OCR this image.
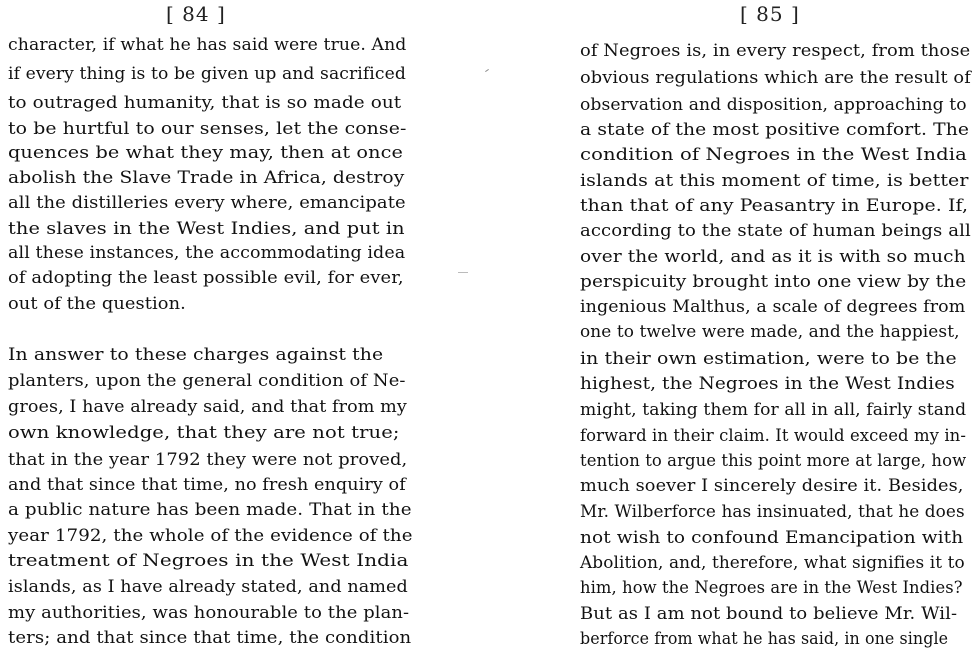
[ 84 ]
character, if what he has said were true. And
if every thing is to be given up and sacrificed
to outraged humanity, that is so made out
to be hurtful to our senses, let the conse-
quences be what they may, then at once
abolish the Slave Trade in Africa, destroy
all the distilleries every where, emancipate
the slaves in the West Indies, and put in
all these instances, the accommodating idea
of adopting the least possible evil, for ever,
out of the question.
In answer to these charges against the
planters, upon the general condition of Ne-
groes, I have already said, and that from my
own knowledge, that they are not true;
that in the year 1792 they were not proved,
and that since that time, no fresh enquiry of
a public nature has been made. That in the
year 1792, the whole of the evidence of the
treatment of Negroes in the West India
islands, as I have already stated, and named
my authorities, was honourable to the plan-
ters; and that since that time, the condition
[ 85 ]
of Negroes is, in every respect, from those
obvious regulations which are the result of
observation and disposition, approaching to
a state of the most positive comfort. The
condition of Negroes in the West India
islands at this moment of time, is better
than that of any Peasantry in Europe. If,
according to the state of human beings all
over the world, and as it is with so much
perspicuity brought into one view by the
ingenious Malthus, a scale of degrees from
one to twelve were made, and the happiest,
in their own estimation, were to be the
highest, the Negroes in the West Indies
might, taking them for all in all, fairly stand
forward in their claim. It would exceed my in-
tention to argue this point more at large, how
much soever I sincerely desire it. Besides,
Mr. Wilberforce has insinuated, that he does
not wish to confound Emancipation with
Abolition, and, therefore, what signifies it to
him, how the Negroes are in the West Indies?
But as I am not bound to believe Mr. Wil-
berforce from what he has said, in one single
